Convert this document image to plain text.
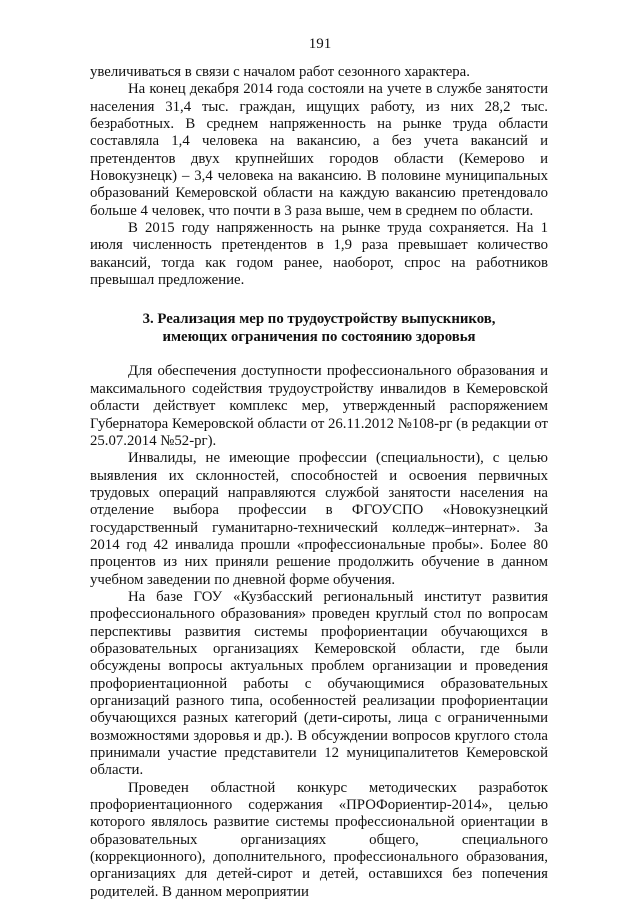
191

увеличиваться в связи с началом работ сезонного характера.

На конец декабря 2014 года состояли на учете в службе занятости населения 31,4 тыс. граждан, ищущих работу, из них 28,2 тыс. безработных. В среднем напряженность на рынке труда области составляла 1,4 человека на вакансию, а без учета вакансий и претендентов двух крупнейших городов области (Кемерово и Новокузнецк) – 3,4 человека на вакансию. В половине муниципальных образований Кемеровской области на каждую вакансию претендовало больше 4 человек, что почти в 3 раза выше, чем в среднем по области.

В 2015 году напряженность на рынке труда сохраняется. На 1 июля численность претендентов в 1,9 раза превышает количество вакансий, тогда как годом ранее, наоборот, спрос на работников превышал предложение.

3. Реализация мер по трудоустройству выпускников,
имеющих ограничения по состоянию здоровья

Для обеспечения доступности профессионального образования и максимального содействия трудоустройству инвалидов в Кемеровской области действует комплекс мер, утвержденный распоряжением Губернатора Кемеровской области от 26.11.2012 №108-рг (в редакции от 25.07.2014 №52-рг).

Инвалиды, не имеющие профессии (специальности), с целью выявления их склонностей, способностей и освоения первичных трудовых операций направляются службой занятости населения на отделение выбора профессии в ФГОУСПО «Новокузнецкий государственный гуманитарно-технический колледж–интернат». За 2014 год 42 инвалида прошли «профессиональные пробы». Более 80 процентов из них приняли решение продолжить обучение в данном учебном заведении по дневной форме обучения.

На базе ГОУ «Кузбасский региональный институт развития профессионального образования» проведен круглый стол по вопросам перспективы развития системы профориентации обучающихся в образовательных организациях Кемеровской области, где были обсуждены вопросы актуальных проблем организации и проведения профориентационной работы с обучающимися образовательных организаций разного типа, особенностей реализации профориентации обучающихся разных категорий (дети-сироты, лица с ограниченными возможностями здоровья и др.). В обсуждении вопросов круглого стола принимали участие представители 12 муниципалитетов Кемеровской области.

Проведен областной конкурс методических разработок профориентационного содержания «ПРОФориентир-2014», целью которого являлось развитие системы профессиональной ориентации в образовательных организациях общего, специального (коррекционного), дополнительного, профессионального образования, организациях для детей-сирот и детей, оставшихся без попечения родителей. В данном мероприятии
